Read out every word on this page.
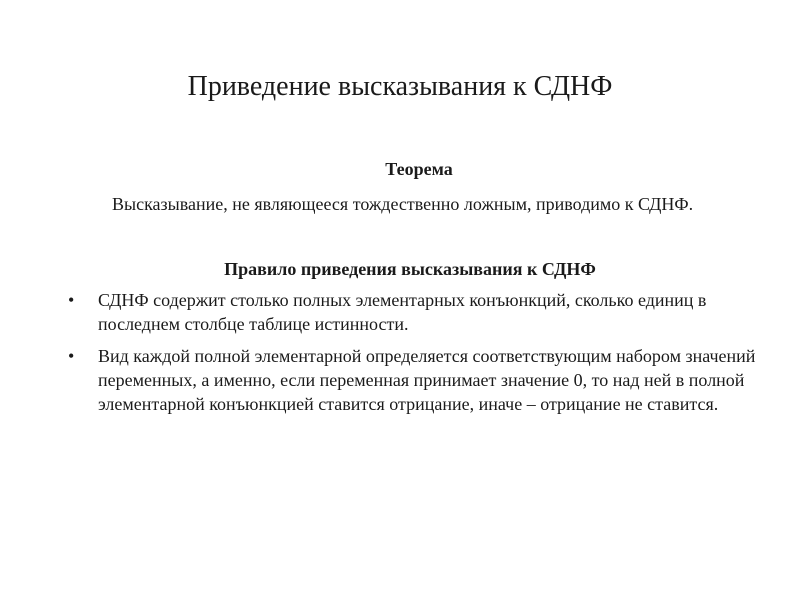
Приведение высказывания к СДНФ

Теорема

Высказывание, не являющееся тождественно ложным, приводимо к СДНФ.

Правило приведения высказывания к СДНФ

• СДНФ содержит столько полных элементарных конъюнкций, сколько единиц в последнем столбце таблице истинности.
• Вид каждой полной элементарной определяется соответствующим набором значений переменных, а именно, если переменная принимает значение 0, то над ней в полной элементарной конъюнкцией ставится отрицание, иначе – отрицание не ставится.
